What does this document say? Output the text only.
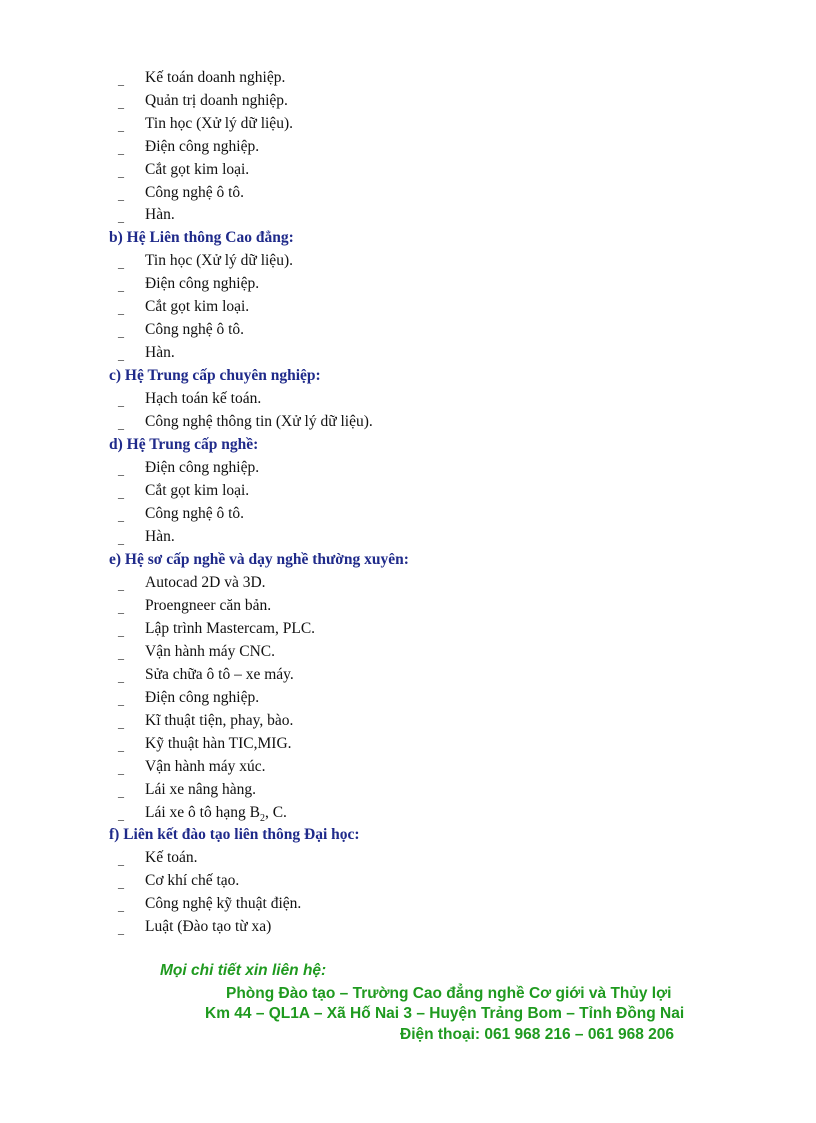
_ Kế toán doanh nghiệp.
_ Quản trị doanh nghiệp.
_ Tin học (Xử lý dữ liệu).
_ Điện công nghiệp.
_ Cắt gọt kim loại.
_ Công nghệ ô tô.
_ Hàn.
b) Hệ Liên thông Cao đẳng:
_ Tin học (Xử lý dữ liệu).
_ Điện công nghiệp.
_ Cắt gọt kim loại.
_ Công nghệ ô tô.
_ Hàn.
c) Hệ Trung cấp chuyên nghiệp:
_ Hạch toán kế toán.
_ Công nghệ thông tin (Xử lý dữ liệu).
d) Hệ Trung cấp nghề:
_ Điện công nghiệp.
_ Cắt gọt kim loại.
_ Công nghệ ô tô.
_ Hàn.
e) Hệ sơ cấp nghề và dạy nghề thường xuyên:
_ Autocad 2D và 3D.
_ Proengneer căn bản.
_ Lập trình Mastercam, PLC.
_ Vận hành máy CNC.
_ Sửa chữa ô tô – xe máy.
_ Điện công nghiệp.
_ Kĩ thuật tiện, phay, bào.
_ Kỹ thuật hàn TIC,MIG.
_ Vận hành máy xúc.
_ Lái xe nâng hàng.
_ Lái xe ô tô hạng $B_2$, C.
f) Liên kết đào tạo liên thông Đại học:
_ Kế toán.
_ Cơ khí chế tạo.
_ Công nghệ kỹ thuật điện.
_ Luật (Đào tạo từ xa)
Mọi chi tiết xin liên hệ:
Phòng Đào tạo – Trường Cao đẳng nghề Cơ giới và Thủy lợi
Km 44 – QL1A – Xã Hố Nai 3 – Huyện Trảng Bom – Tỉnh Đồng Nai
Điện thoại: 061 968 216 – 061 968 206
